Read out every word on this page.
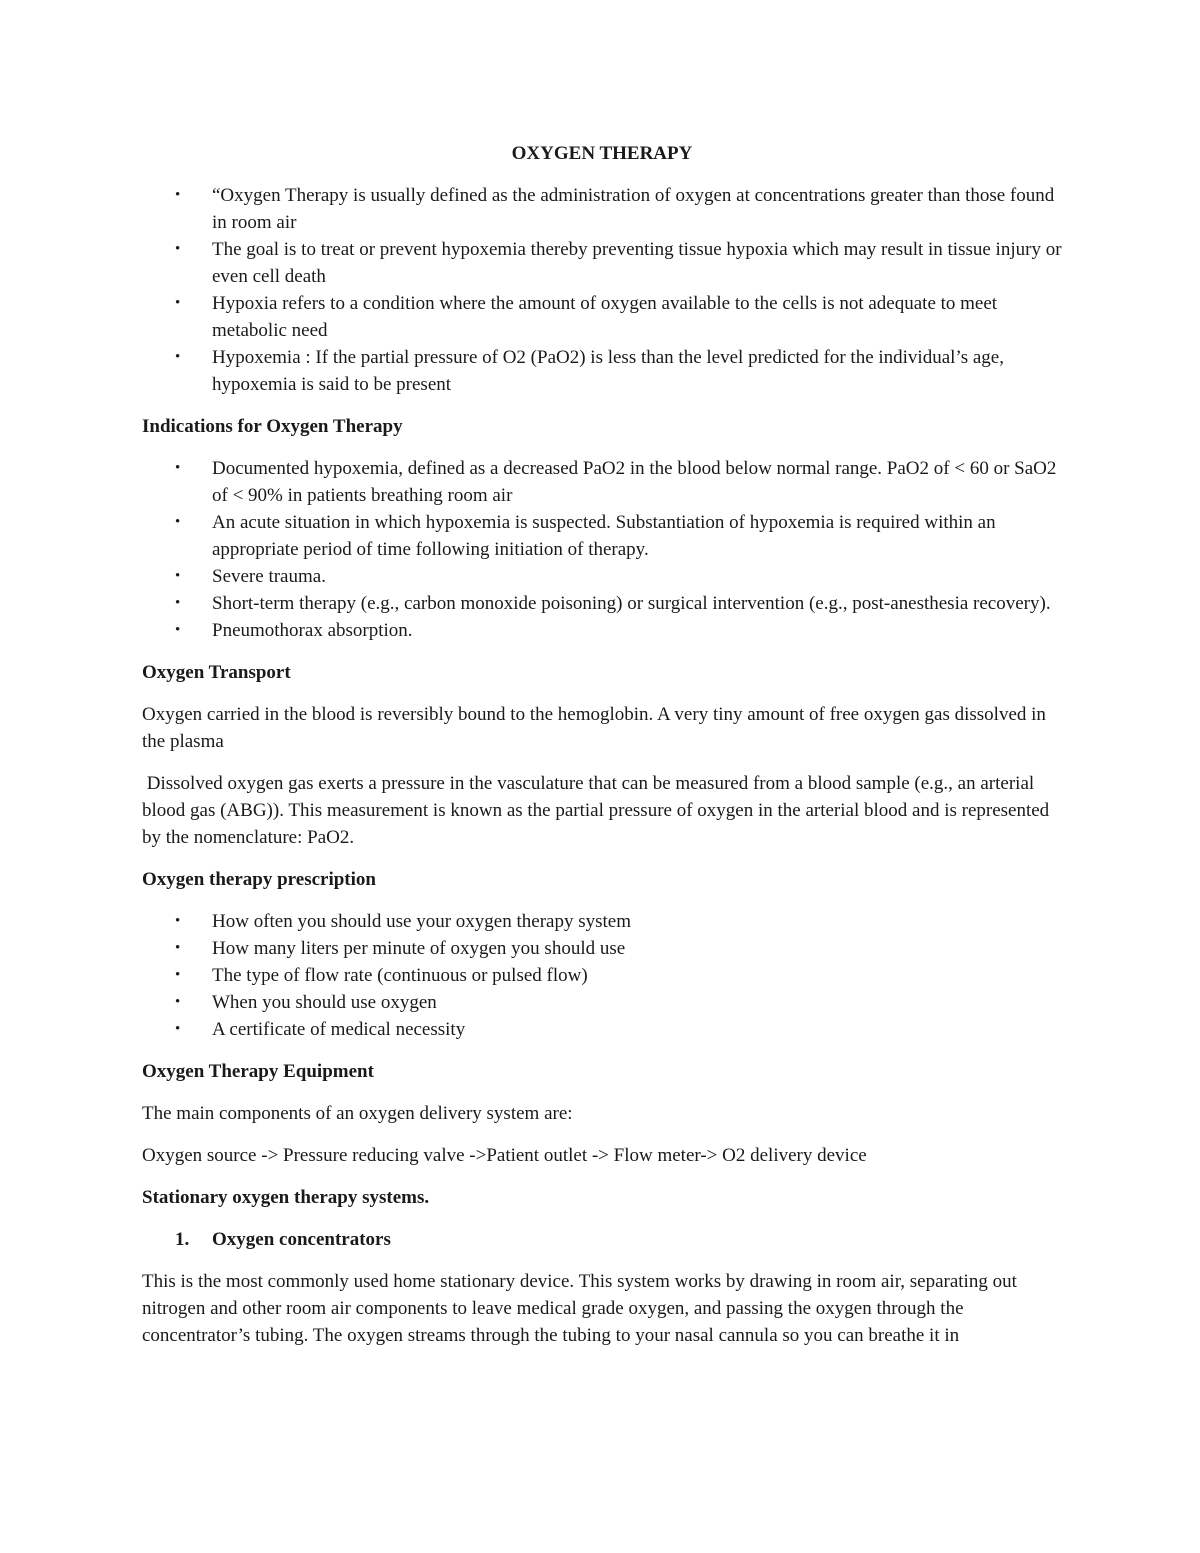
OXYGEN THERAPY
• “Oxygen Therapy is usually defined as the administration of oxygen at concentrations greater than those found in room air
• The goal is to treat or prevent hypoxemia thereby preventing tissue hypoxia which may result in tissue injury or even cell death
• Hypoxia refers to a condition where the amount of oxygen available to the cells is not adequate to meet metabolic need
• Hypoxemia : If the partial pressure of O2 (PaO2) is less than the level predicted for the individual’s age, hypoxemia is said to be present
Indications for Oxygen Therapy
• Documented hypoxemia, defined as a decreased PaO2 in the blood below normal range. PaO2 of < 60 or SaO2 of < 90% in patients breathing room air
• An acute situation in which hypoxemia is suspected. Substantiation of hypoxemia is required within an appropriate period of time following initiation of therapy.
• Severe trauma.
• Short-term therapy (e.g., carbon monoxide poisoning) or surgical intervention (e.g., post-anesthesia recovery).
• Pneumothorax absorption.
Oxygen Transport

Oxygen carried in the blood is reversibly bound to the hemoglobin. A very tiny amount of free oxygen gas dissolved in the plasma

Dissolved oxygen gas exerts a pressure in the vasculature that can be measured from a blood sample (e.g., an arterial blood gas (ABG)). This measurement is known as the partial pressure of oxygen in the arterial blood and is represented by the nomenclature: PaO2.

Oxygen therapy prescription
• How often you should use your oxygen therapy system
• How many liters per minute of oxygen you should use
• The type of flow rate (continuous or pulsed flow)
• When you should use oxygen
• A certificate of medical necessity
Oxygen Therapy Equipment

The main components of an oxygen delivery system are:

Oxygen source -> Pressure reducing valve ->Patient outlet -> Flow meter-> O2 delivery device

Stationary oxygen therapy systems.
1. Oxygen concentrators

This is the most commonly used home stationary device. This system works by drawing in room air, separating out nitrogen and other room air components to leave medical grade oxygen, and passing the oxygen through the concentrator’s tubing. The oxygen streams through the tubing to your nasal cannula so you can breathe it in
